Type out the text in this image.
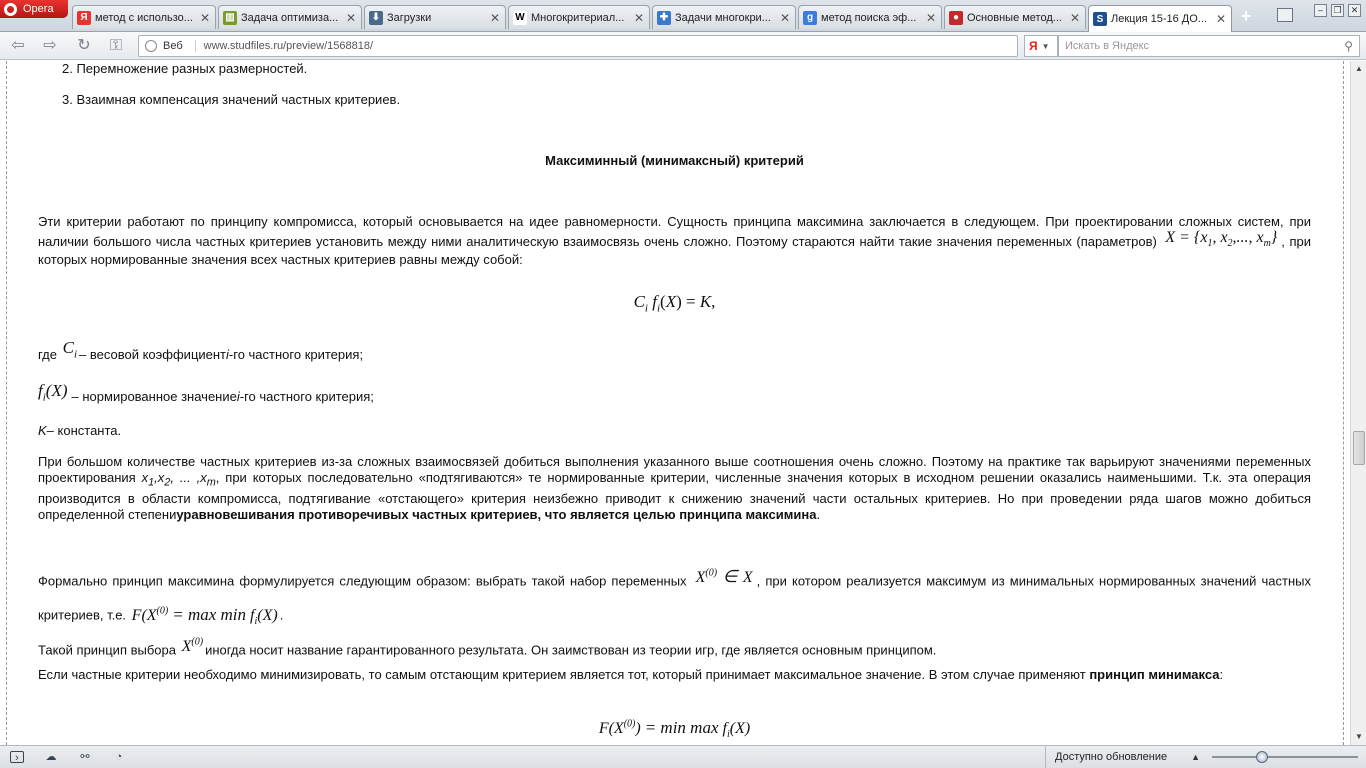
Opera
Я метод с использо... ✕ ▥ Задача оптимиза... ✕ ⬇ Загрузки	✕ W Многокритериал... ✕ ✚ Задачи многокри... ✕	g метод поиска эф... ✕	● Основные метод... ✕	S Лекция 15-16 ДО... ✕ +	–	❐	✕
⇦ ⇨ ↻ ⚿	Веб	www.studfiles.ru/preview/1568818/	Я ▼	Искать в Яндекс	⚲
2. Перемножение разных размерностей.
3. Взаимная компенсация значений частных критериев.
Максиминный (минимаксный) критерий
Эти критерии работают по принципу компромисса, который основывается на идее равномерности. Сущность принципа максимина заключается в следующем. При проектировании сложных систем, при наличии большого числа частных критериев установить между ними аналитическую взаимосвязь очень сложно. Поэтому стараются найти такие значения переменных (параметров) $X = \{x_1$, $x_2$,..., $x_m$} , при которых нормированные значения всех частных критериев равны между собой:
$C_i$ $f_i(X) = K$,
где $C_i$ – весовой коэффициентi-го частного критерия;
$f_i(X)$ – нормированное значениеi-го частного критерия;
K– константа.
При большом количестве частных критериев из-за сложных взаимосвязей добиться выполнения указанного выше соотношения очень сложно. Поэтому на практике так варьируют значениями переменных проектирования $x_1,x_2$, ... $,x_m$, при которых последовательно «подтягиваются» те нормированные критерии, численные значения которых в исходном решении оказались наименьшими. Т.к. эта операция производится в области компромисса, подтягивание «отстающего» критерия неизбежно приводит к снижению значений части остальных критериев. Но при проведении ряда шагов можно добиться определенной степениуравновешивания противоречивых частных критериев, что является целью принципа максимина.
Формально принцип максимина формулируется следующим образом: выбрать такой набор переменных $X^{(0)}$ ∈ X , при котором реализуется максимум из минимальных нормированных значений частных критериев, т.е. $F(X^{(0)} = \max \min f_i(X)$ .
Такой принцип выбора $X^{(0)}$ иногда носит название гарантированного результата. Он заимствован из теории игр, где является основным принципом.
Если частные критерии необходимо минимизировать, то самым отстающим критерием является тот, который принимает максимальное значение. В этом случае применяют принцип минимакса:
$F(X^{(0)}) = \min \max f_i(X)$
▲
▼
›	☁ ⚯	◔	Доступно обновление	▲
